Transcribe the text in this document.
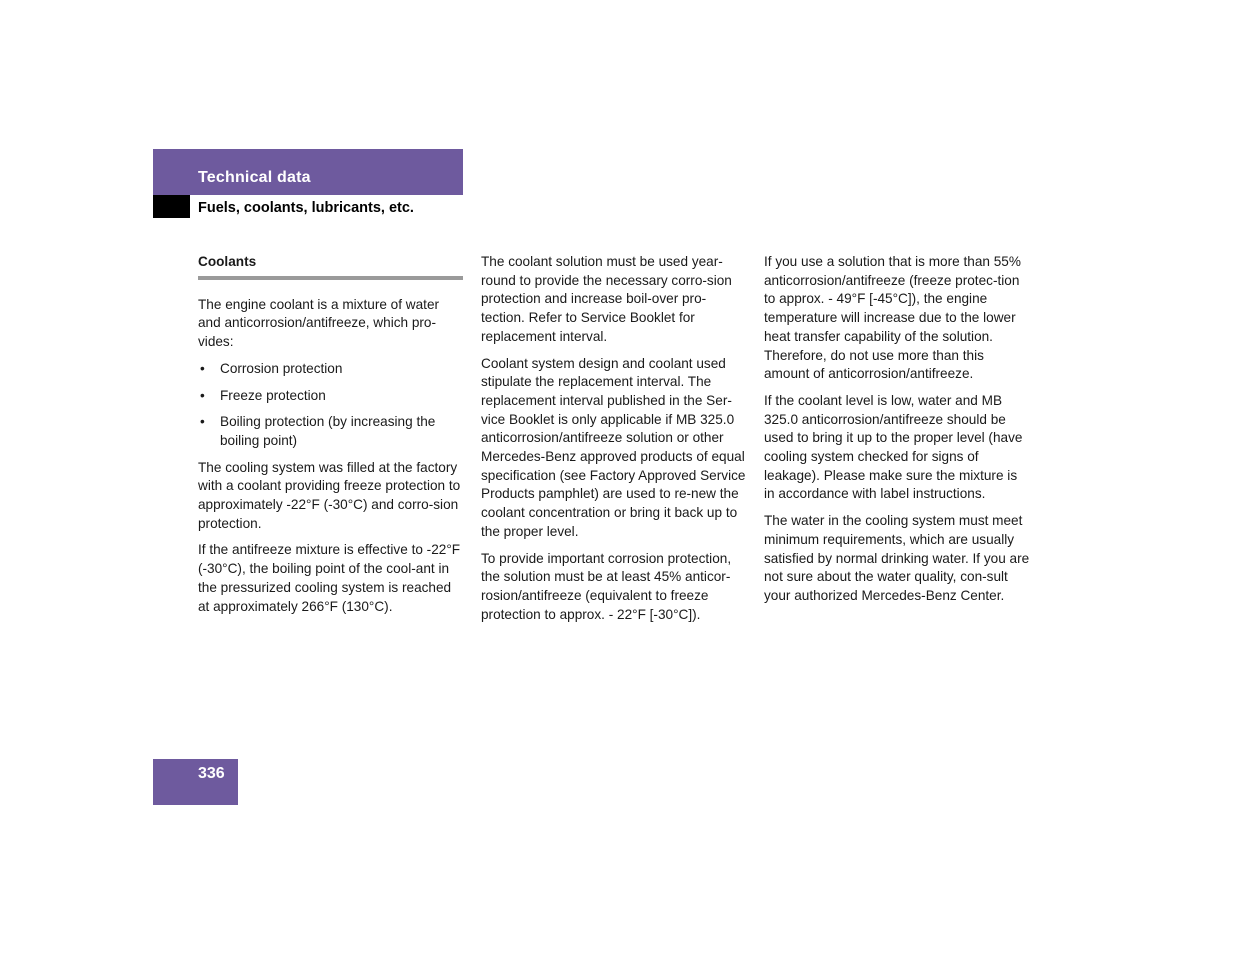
Technical data
Fuels, coolants, lubricants, etc.
Coolants

The engine coolant is a mixture of water and anticorrosion/antifreeze, which pro-vides:

• Corrosion protection
• Freeze protection
• Boiling protection (by increasing the boiling point)

The cooling system was filled at the factory with a coolant providing freeze protection to approximately -22°F (-30°C) and corro-sion protection.

If the antifreeze mixture is effective to -22°F (-30°C), the boiling point of the cool-ant in the pressurized cooling system is reached at approximately 266°F (130°C).

The coolant solution must be used year-round to provide the necessary corro-sion protection and increase boil-over pro-tection. Refer to Service Booklet for replacement interval.

Coolant system design and coolant used stipulate the replacement interval. The replacement interval published in the Ser-vice Booklet is only applicable if MB 325.0 anticorrosion/antifreeze solution or other Mercedes-Benz approved products of equal specification (see Factory Approved Service Products pamphlet) are used to re-new the coolant concentration or bring it back up to the proper level.

To provide important corrosion protection, the solution must be at least 45% anticor-rosion/antifreeze (equivalent to freeze protection to approx. - 22°F [-30°C]).

If you use a solution that is more than 55% anticorrosion/antifreeze (freeze protec-tion to approx. - 49°F [-45°C]), the engine temperature will increase due to the lower heat transfer capability of the solution. Therefore, do not use more than this amount of anticorrosion/antifreeze.

If the coolant level is low, water and MB 325.0 anticorrosion/antifreeze should be used to bring it up to the proper level (have cooling system checked for signs of leakage). Please make sure the mixture is in accordance with label instructions.

The water in the cooling system must meet minimum requirements, which are usually satisfied by normal drinking water. If you are not sure about the water quality, con-sult your authorized Mercedes-Benz Center.

336
